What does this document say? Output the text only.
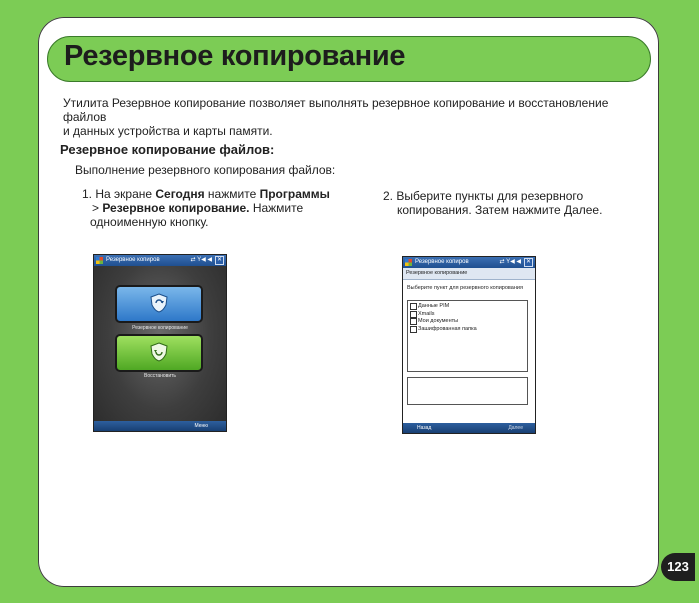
Резервное копирование
Утилита Резервное копирование позволяет выполнять резервное копирование и восстановление файлов
и данных устройства и карты памяти.
Резервное копирование файлов:
Выполнение резервного копирования файлов:
1. На экране Сегодня нажмите Программы
> Резервное копирование. Нажмите
одноименную кнопку.
2. Выберите пункты для резервного
копирования. Затем нажмите Далее.
Резервное копиров	⇄ Y◀ ◀ ✕
Резервное копирование
Восстановить
Меню
Резервное копиров	⇄ Y◀ ◀ ✕
Резервное копирование
Выберите пункт для резервного копирования
Данные PIM
Xmails
Мои документы
Зашифрованная папка
Назад	Далее
123
